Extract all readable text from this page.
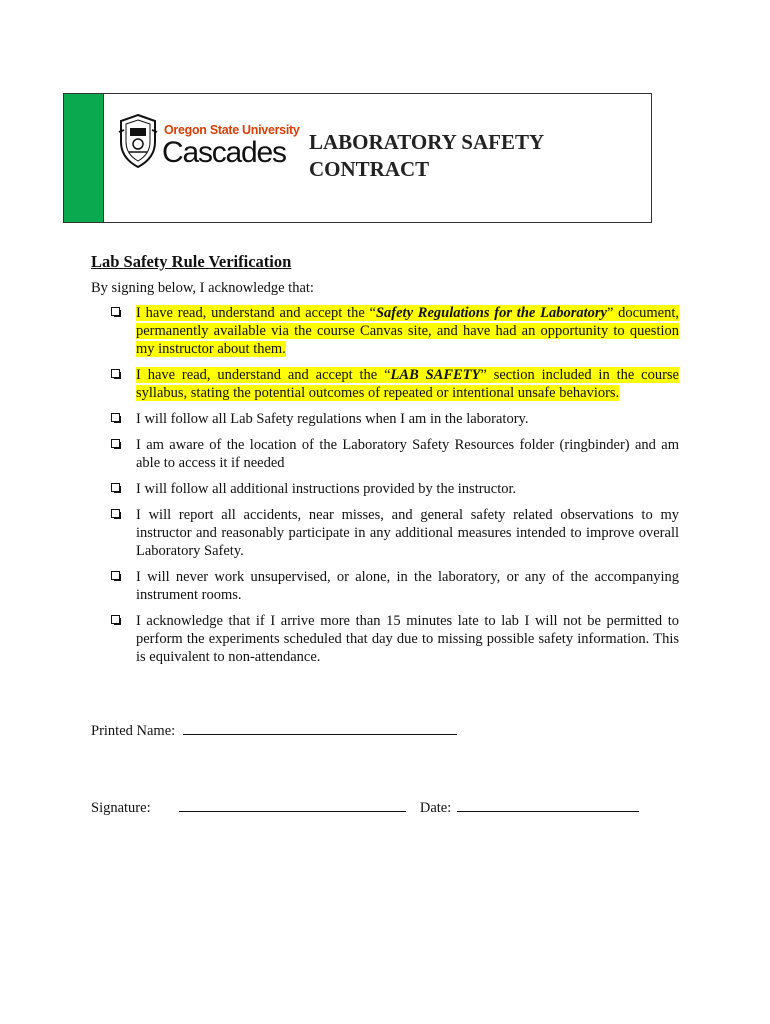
Oregon State University
Cascades LABORATORY SAFETY
CONTRACT
Lab Safety Rule Verification
By signing below, I acknowledge that:
I have read, understand and accept the “Safety Regulations for the Laboratory” document, permanently available via the course Canvas site, and have had an opportunity to question my instructor about them.
I have read, understand and accept the “LAB SAFETY” section included in the course syllabus, stating the potential outcomes of repeated or intentional unsafe behaviors.
I will follow all Lab Safety regulations when I am in the laboratory.
I am aware of the location of the Laboratory Safety Resources folder (ringbinder) and am able to access it if needed
I will follow all additional instructions provided by the instructor.
I will report all accidents, near misses, and general safety related observations to my instructor and reasonably participate in any additional measures intended to improve overall Laboratory Safety.
I will never work unsupervised, or alone, in the laboratory, or any of the accompanying instrument rooms.
I acknowledge that if I arrive more than 15 minutes late to lab I will not be permitted to perform the experiments scheduled that day due to missing possible safety information. This is equivalent to non-attendance.
Printed Name:
Signature:	Date:
